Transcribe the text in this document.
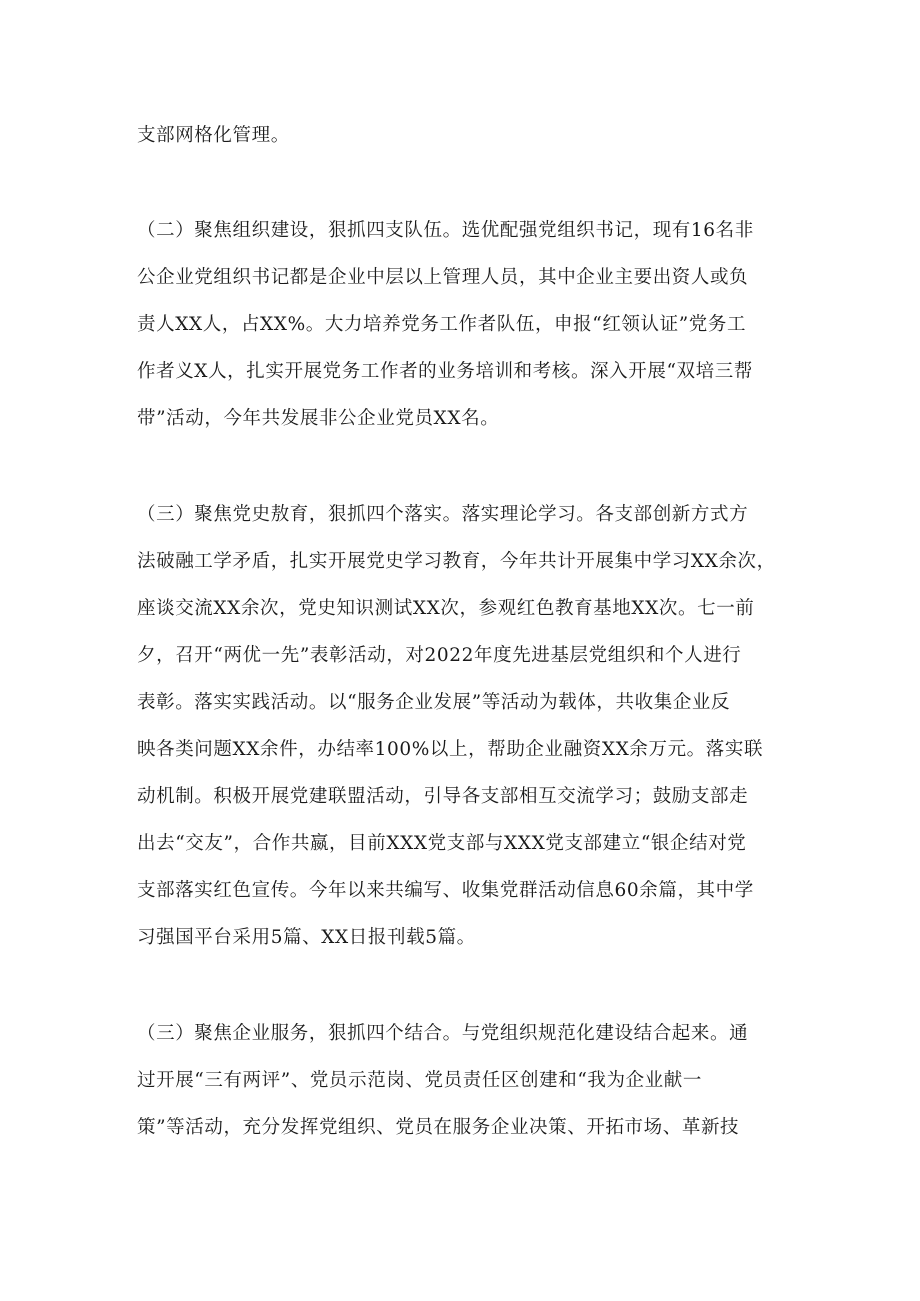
支部网格化管理。
（二）聚焦组织建设，狠抓四支队伍。选优配强党组织书记，现有16名非
公企业党组织书记都是企业中层以上管理人员，其中企业主要出资人或负
责人XX人，占XX%。大力培养党务工作者队伍，申报“红领认证”党务工
作者义X人，扎实开展党务工作者的业务培训和考核。深入开展“双培三帮
带”活动，今年共发展非公企业党员XX名。
（三）聚焦党史敖育，狠抓四个落实。落实理论学习。各支部创新方式方
法破融工学矛盾，扎实开展党史学习教育，今年共计开展集中学习XX余次，
座谈交流XX余次，党史知识测试XX次，参观红色教育基地XX次。七一前
夕，召开“两优一先”表彰活动，对2022年度先进基层党组织和个人进行
表彰。落实实践活动。以“服务企业发展”等活动为载体，共收集企业反
映各类问题XX余件，办结率100%以上，帮助企业融资XX余万元。落实联
动机制。积极开展党建联盟活动，引导各支部相互交流学习；鼓励支部走
出去“交友”，合作共嬴，目前XXX党支部与XXX党支部建立“银企结对党
支部落实红色宣传。今年以来共编写、收集党群活动信息60余篇，其中学
习强国平台采用5篇、XX日报刊载5篇。
（三）聚焦企业服务，狠抓四个结合。与党组织规范化建设结合起来。通
过开展“三有两评”、党员示范岗、党员责任区创建和“我为企业献一
策”等活动，充分发挥党组织、党员在服务企业决策、开拓市场、革新技
